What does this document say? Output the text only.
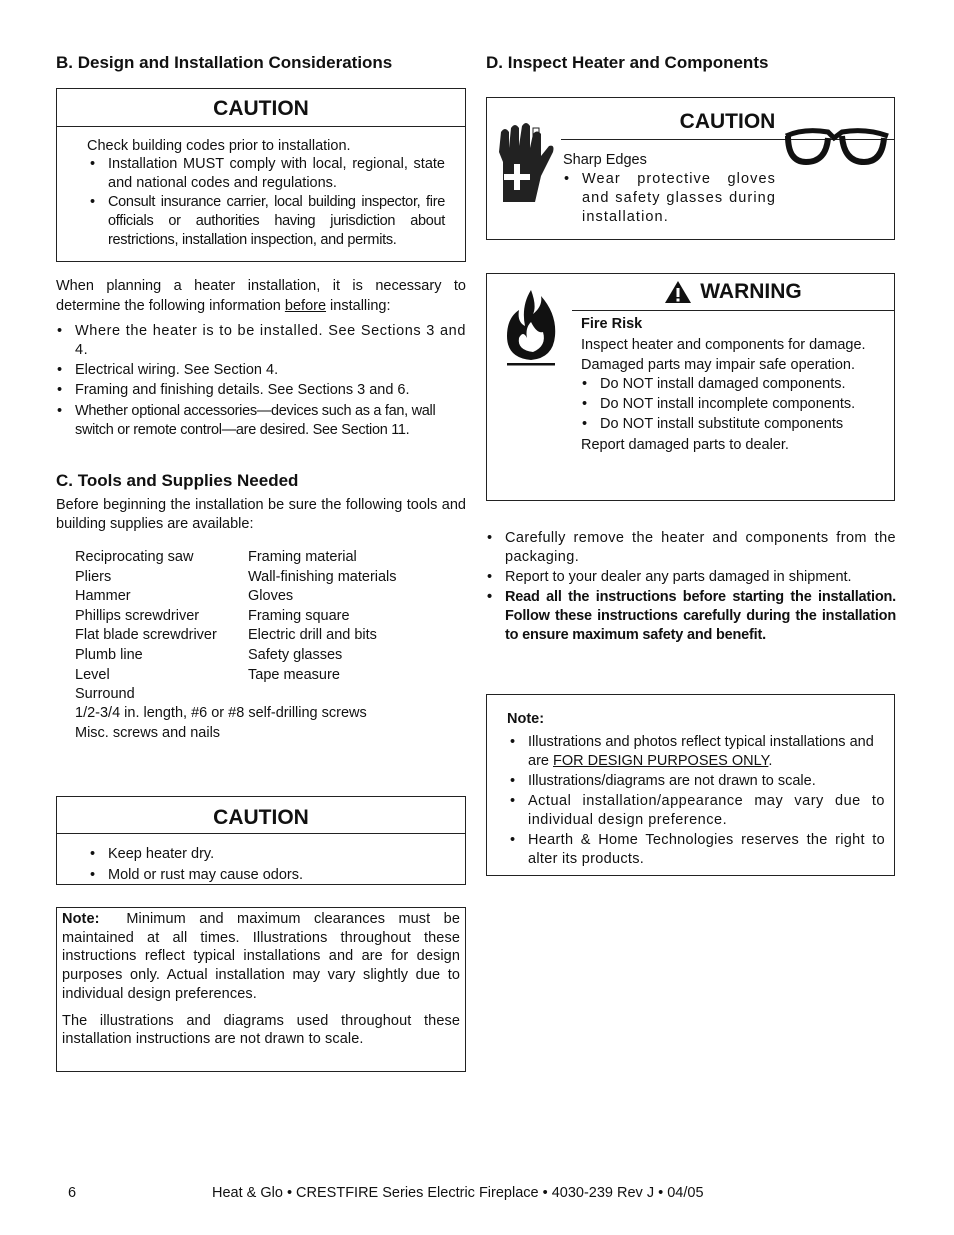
B. Design and Installation Considerations
CAUTION
Check building codes prior to installation.
• Installation MUST comply with local, regional, state and national codes and regulations.
• Consult insurance carrier, local building inspector, fire officials or authorities having jurisdiction about restrictions, installation inspection, and permits.
When planning a heater installation, it is necessary to determine the following information before installing:
• Where the heater is to be installed. See Sections 3 and 4.
• Electrical wiring. See Section 4.
• Framing and finishing details. See Sections 3 and 6.
• Whether optional accessories—devices such as a fan, wall switch or remote control—are desired. See Section 11.
C. Tools and Supplies Needed
Before beginning the installation be sure the following tools and building supplies are available:
Reciprocating saw
Pliers
Hammer
Phillips screwdriver
Flat blade screwdriver
Plumb line
Level
Surround
Framing material
Wall-finishing materials
Gloves
Framing square
Electric drill and bits
Safety glasses
Tape measure
1/2-3/4 in. length, #6 or #8 self-drilling screws
Misc. screws and nails
CAUTION
• Keep heater dry.
• Mold or rust may cause odors.
Note: Minimum and maximum clearances must be maintained at all times. Illustrations throughout these instructions reflect typical installations and are for design purposes only. Actual installation may vary slightly due to individual design preferences.
The illustrations and diagrams used throughout these installation instructions are not drawn to scale.
D. Inspect Heater and Components
CAUTION
Sharp Edges
• Wear protective gloves and safety glasses during installation.
WARNING
Fire Risk
Inspect heater and components for damage. Damaged parts may impair safe operation.
• Do NOT install damaged components.
• Do NOT install incomplete components.
• Do NOT install substitute components
Report damaged parts to dealer.
• Carefully remove the heater and components from the packaging.
• Report to your dealer any parts damaged in shipment.
• Read all the instructions before starting the installation. Follow these instructions carefully during the installation to ensure maximum safety and benefit.
Note:
• Illustrations and photos reflect typical installations and are FOR DESIGN PURPOSES ONLY.
• Illustrations/diagrams are not drawn to scale.
• Actual installation/appearance may vary due to individual design preference.
• Hearth & Home Technologies reserves the right to alter its products.
6	Heat & Glo • CRESTFIRE Series Electric Fireplace • 4030-239 Rev J • 04/05
